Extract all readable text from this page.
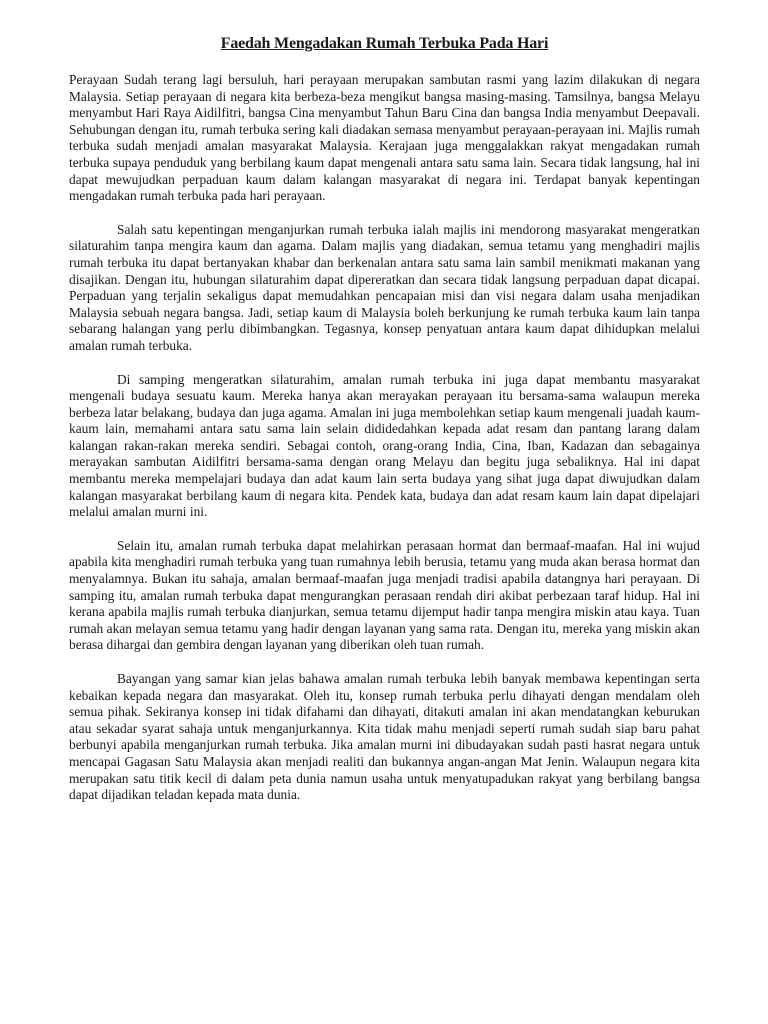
Faedah Mengadakan Rumah Terbuka Pada Hari

Perayaan Sudah terang lagi bersuluh, hari perayaan merupakan sambutan rasmi yang lazim dilakukan di negara Malaysia. Setiap perayaan di negara kita berbeza-beza mengikut bangsa masing-masing. Tamsilnya, bangsa Melayu menyambut Hari Raya Aidilfitri, bangsa Cina menyambut Tahun Baru Cina dan bangsa India menyambut Deepavali. Sehubungan dengan itu, rumah terbuka sering kali diadakan semasa menyambut perayaan-perayaan ini. Majlis rumah terbuka sudah menjadi amalan masyarakat Malaysia. Kerajaan juga menggalakkan rakyat mengadakan rumah terbuka supaya penduduk yang berbilang kaum dapat mengenali antara satu sama lain. Secara tidak langsung, hal ini dapat mewujudkan perpaduan kaum dalam kalangan masyarakat di negara ini. Terdapat banyak kepentingan mengadakan rumah terbuka pada hari perayaan.

Salah satu kepentingan menganjurkan rumah terbuka ialah majlis ini mendorong masyarakat mengeratkan silaturahim tanpa mengira kaum dan agama. Dalam majlis yang diadakan, semua tetamu yang menghadiri majlis rumah terbuka itu dapat bertanyakan khabar dan berkenalan antara satu sama lain sambil menikmati makanan yang disajikan. Dengan itu, hubungan silaturahim dapat dipereratkan dan secara tidak langsung perpaduan dapat dicapai. Perpaduan yang terjalin sekaligus dapat memudahkan pencapaian misi dan visi negara dalam usaha menjadikan Malaysia sebuah negara bangsa. Jadi, setiap kaum di Malaysia boleh berkunjung ke rumah terbuka kaum lain tanpa sebarang halangan yang perlu dibimbangkan. Tegasnya, konsep penyatuan antara kaum dapat dihidupkan melalui amalan rumah terbuka.

Di samping mengeratkan silaturahim, amalan rumah terbuka ini juga dapat membantu masyarakat mengenali budaya sesuatu kaum. Mereka hanya akan merayakan perayaan itu bersama-sama walaupun mereka berbeza latar belakang, budaya dan juga agama. Amalan ini juga membolehkan setiap kaum mengenali juadah kaum-kaum lain, memahami antara satu sama lain selain dididedahkan kepada adat resam dan pantang larang dalam kalangan rakan-rakan mereka sendiri. Sebagai contoh, orang-orang India, Cina, Iban, Kadazan dan sebagainya merayakan sambutan Aidilfitri bersama-sama dengan orang Melayu dan begitu juga sebaliknya. Hal ini dapat membantu mereka mempelajari budaya dan adat kaum lain serta budaya yang sihat juga dapat diwujudkan dalam kalangan masyarakat berbilang kaum di negara kita. Pendek kata, budaya dan adat resam kaum lain dapat dipelajari melalui amalan murni ini.

Selain itu, amalan rumah terbuka dapat melahirkan perasaan hormat dan bermaaf-maafan. Hal ini wujud apabila kita menghadiri rumah terbuka yang tuan rumahnya lebih berusia, tetamu yang muda akan berasa hormat dan menyalamnya. Bukan itu sahaja, amalan bermaaf-maafan juga menjadi tradisi apabila datangnya hari perayaan. Di samping itu, amalan rumah terbuka dapat mengurangkan perasaan rendah diri akibat perbezaan taraf hidup. Hal ini kerana apabila majlis rumah terbuka dianjurkan, semua tetamu dijemput hadir tanpa mengira miskin atau kaya. Tuan rumah akan melayan semua tetamu yang hadir dengan layanan yang sama rata. Dengan itu, mereka yang miskin akan berasa dihargai dan gembira dengan layanan yang diberikan oleh tuan rumah.

Bayangan yang samar kian jelas bahawa amalan rumah terbuka lebih banyak membawa kepentingan serta kebaikan kepada negara dan masyarakat. Oleh itu, konsep rumah terbuka perlu dihayati dengan mendalam oleh semua pihak. Sekiranya konsep ini tidak difahami dan dihayati, ditakuti amalan ini akan mendatangkan keburukan atau sekadar syarat sahaja untuk menganjurkannya. Kita tidak mahu menjadi seperti rumah sudah siap baru pahat berbunyi apabila menganjurkan rumah terbuka. Jika amalan murni ini dibudayakan sudah pasti hasrat negara untuk mencapai Gagasan Satu Malaysia akan menjadi realiti dan bukannya angan-angan Mat Jenin. Walaupun negara kita merupakan satu titik kecil di dalam peta dunia namun usaha untuk menyatupadukan rakyat yang berbilang bangsa dapat dijadikan teladan kepada mata dunia.
